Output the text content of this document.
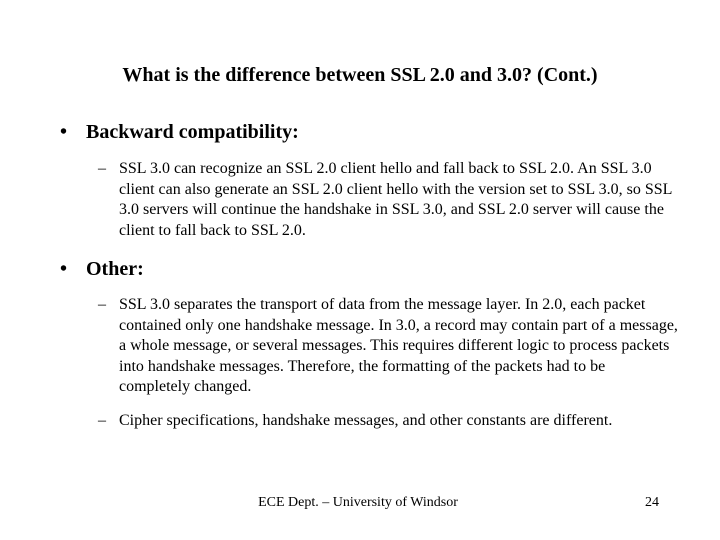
What is the difference between SSL 2.0 and 3.0? (Cont.)
• Backward compatibility:
– SSL 3.0 can recognize an SSL 2.0 client hello and fall back to SSL 2.0. An SSL 3.0 client can also generate an SSL 2.0 client hello with the version set to SSL 3.0, so SSL 3.0 servers will continue the handshake in SSL 3.0, and SSL 2.0 server will cause the client to fall back to SSL 2.0.
• Other:
– SSL 3.0 separates the transport of data from the message layer. In 2.0, each packet contained only one handshake message. In 3.0, a record may contain part of a message, a whole message, or several messages. This requires different logic to process packets into handshake messages. Therefore, the formatting of the packets had to be completely changed.
– Cipher specifications, handshake messages, and other constants are different.
ECE Dept. – University of Windsor	24
